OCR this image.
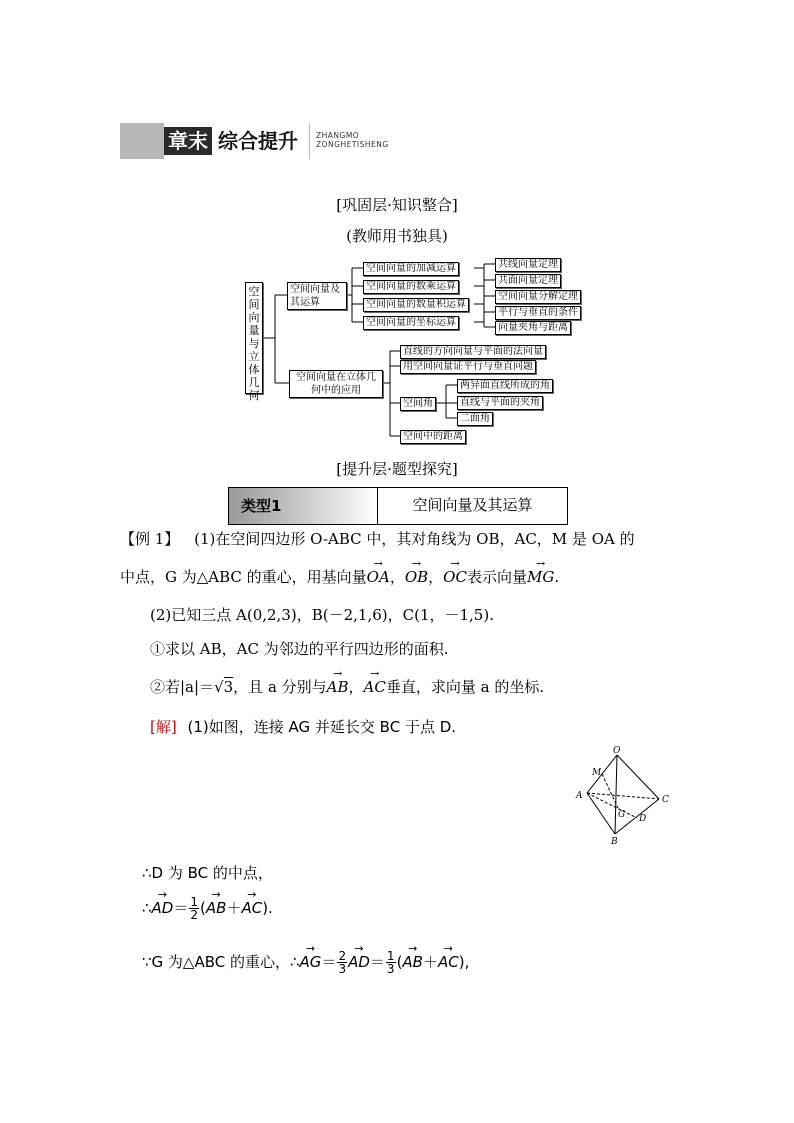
章末 综合提升 ZHANGMO
ZONGHETISHENG
[巩固层·知识整合]
(教师用书独具)
空间向量与立体几何
空间向量及其运算
空间向量的加减运算
空间向量的数乘运算
空间向量的数量积运算
空间向量的坐标运算
共线向量定理
共面向量定理
空间向量分解定理
平行与垂直的条件
向量夹角与距离
空间向量在立体几何中的应用
直线的方向向量与平面的法向量
用空间向量证平行与垂直问题
空间角
空间中的距离
两异面直线所成的角
直线与平面的夹角
二面角
[提升层·题型探究]
类型1	空间向量及其运算
【例 1】 (1)在空间四边形 O-ABC 中，其对角线为 OB，AC，M 是 OA 的
中点，G 为△ABC 的重心，用基向量→ OA，→ OB，→ OC表示向量→ MG.
(2)已知三点 A(0,2,3)，B(－2,1,6)，C(1，－1,5).
①求以 AB，AC 为邻边的平行四边形的面积.
②若|a|＝√3，且 a 分别与→ AB，→ AC垂直，求向量 a 的坐标.
[解] (1)如图，连接 AG 并延长交 BC 于点 D.
O
M
A
G
C
D
B
∴D 为 BC 的中点，
∴→ $AD= \frac{1}{2}$ (→ AB＋→ AC).
∵G 为△ABC 的重心，∴→ $AG= \frac{2}{3}$
→ $AD= \frac{1}{3}$ (→ AB＋→ AC),
